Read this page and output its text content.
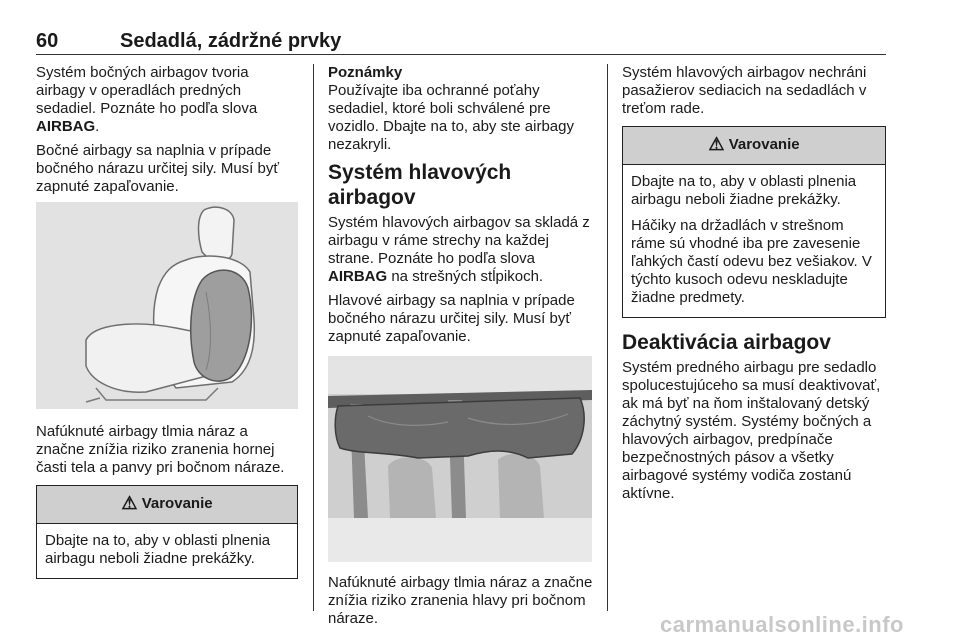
60	Sedadlá, zádržné prvky

Systém bočných airbagov tvoria airbagy v operadlách predných sedadiel. Poznáte ho podľa slova AIRBAG.

Bočné airbagy sa naplnia v prípade bočného nárazu určitej sily. Musí byť zapnuté zapaľovanie.

Nafúknuté airbagy tlmia náraz a značne znížia riziko zranenia hornej časti tela a panvy pri bočnom náraze.

⚠ Varovanie

Dbajte na to, aby v oblasti plnenia airbagu neboli žiadne prekážky.

Poznámky

Používajte iba ochranné poťahy sedadiel, ktoré boli schválené pre vozidlo. Dbajte na to, aby ste airbagy nezakryli.

Systém hlavových airbagov

Systém hlavových airbagov sa skladá z airbagu v ráme strechy na každej strane. Poznáte ho podľa slova AIRBAG na strešných stĺpikoch.

Hlavové airbagy sa naplnia v prípade bočného nárazu určitej sily. Musí byť zapnuté zapaľovanie.

Nafúknuté airbagy tlmia náraz a značne znížia riziko zranenia hlavy pri bočnom náraze.

Systém hlavových airbagov nechráni pasažierov sediacich na sedadlách v treťom rade.

⚠ Varovanie

Dbajte na to, aby v oblasti plnenia airbagu neboli žiadne prekážky.

Háčiky na držadlách v strešnom ráme sú vhodné iba pre zavesenie ľahkých častí odevu bez vešiakov. V týchto kusoch odevu neskladujte žiadne predmety.

Deaktivácia airbagov

Systém predného airbagu pre sedadlo spolucestujúceho sa musí deaktivovať, ak má byť na ňom inštalovaný detský záchytný systém. Systémy bočných a hlavových airbagov, predpínače bezpečnostných pásov a všetky airbagové systémy vodiča zostanú aktívne.

carmanualsonline.info
